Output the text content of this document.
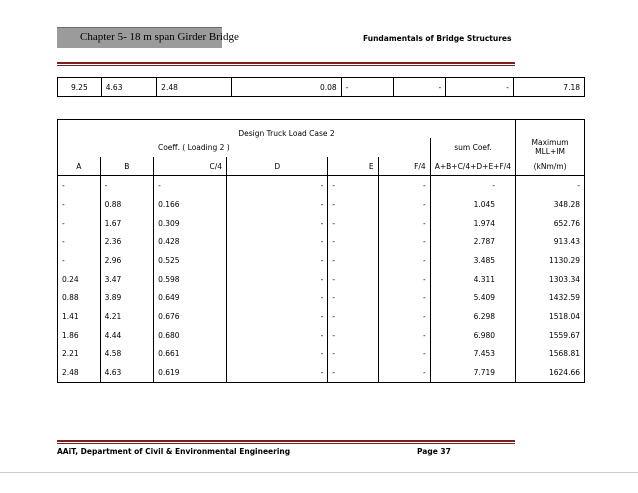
Chapter 5- 18 m span Girder Bridge	Fundamentals of Bridge Structures
9.25	4.63	2.48	0.08	-	-	-	7.18
Design Truck Load Case 2							
Coeff. ( Loading 2 )						sum Coef.	Maximum MLL+IM
A	B	C/4	D	E	F/4	A+B+C/4+D+E+F/4	(kNm/m)
-	-	-	-	-	-	-	-
-	0.88	0.166	-	-	-	1.045	348.28
-	1.67	0.309	-	-	-	1.974	652.76
-	2.36	0.428	-	-	-	2.787	913.43
-	2.96	0.525	-	-	-	3.485	1130.29
0.24	3.47	0.598	-	-	-	4.311	1303.34
0.88	3.89	0.649	-	-	-	5.409	1432.59
1.41	4.21	0.676	-	-	-	6.298	1518.04
1.86	4.44	0.680	-	-	-	6.980	1559.67
2.21	4.58	0.661	-	-	-	7.453	1568.81
2.48	4.63	0.619	-	-	-	7.719	1624.66
AAiT, Department of Civil & Environmental Engineering	Page 37
